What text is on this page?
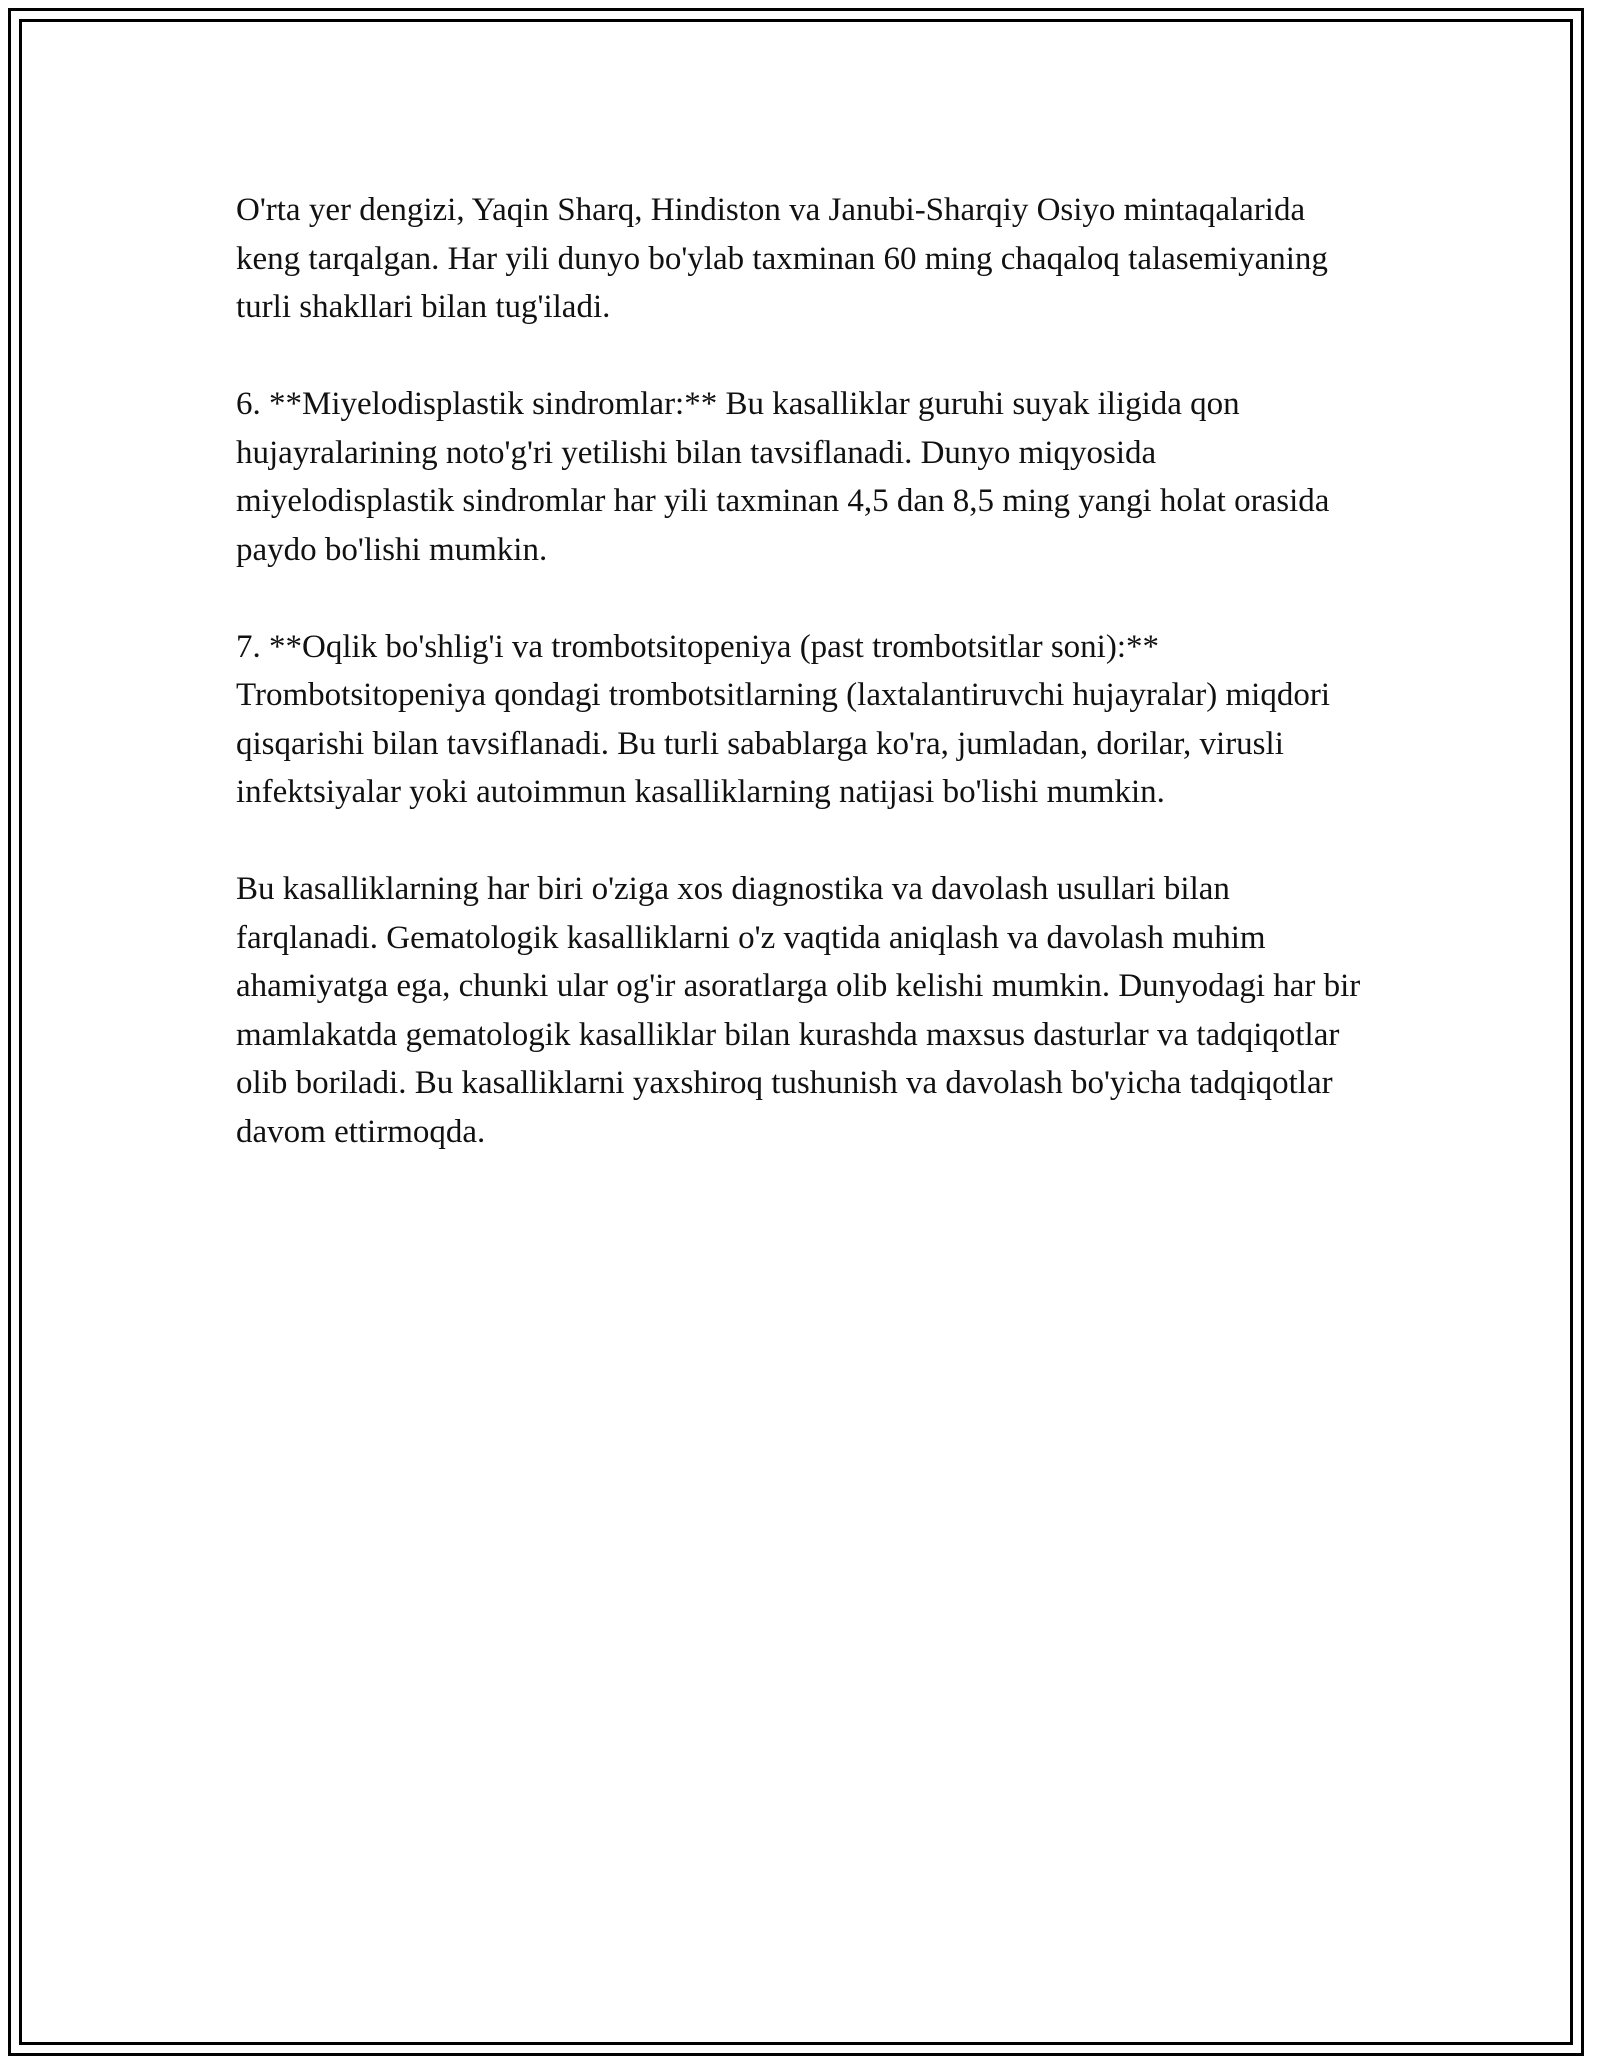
O'rta yer dengizi, Yaqin Sharq, Hindiston va Janubi-Sharqiy Osiyo mintaqalarida keng tarqalgan. Har yili dunyo bo'ylab taxminan 60 ming chaqaloq talasemiyaning turli shakllari bilan tug'iladi.

6. **Miyelodisplastik sindromlar:** Bu kasalliklar guruhi suyak iligida qon hujayralarining noto'g'ri yetilishi bilan tavsiflanadi. Dunyo miqyosida miyelodisplastik sindromlar har yili taxminan 4,5 dan 8,5 ming yangi holat orasida paydo bo'lishi mumkin.

7. **Oqlik bo'shlig'i va trombotsitopeniya (past trombotsitlar soni):** Trombotsitopeniya qondagi trombotsitlarning (laxtalantiruvchi hujayralar) miqdori qisqarishi bilan tavsiflanadi. Bu turli sabablarga ko'ra, jumladan, dorilar, virusli infektsiyalar yoki autoimmun kasalliklarning natijasi bo'lishi mumkin.

Bu kasalliklarning har biri o'ziga xos diagnostika va davolash usullari bilan farqlanadi. Gematologik kasalliklarni o'z vaqtida aniqlash va davolash muhim ahamiyatga ega, chunki ular og'ir asoratlarga olib kelishi mumkin. Dunyodagi har bir mamlakatda gematologik kasalliklar bilan kurashda maxsus dasturlar va tadqiqotlar olib boriladi. Bu kasalliklarni yaxshiroq tushunish va davolash bo'yicha tadqiqotlar davom ettirmoqda.
